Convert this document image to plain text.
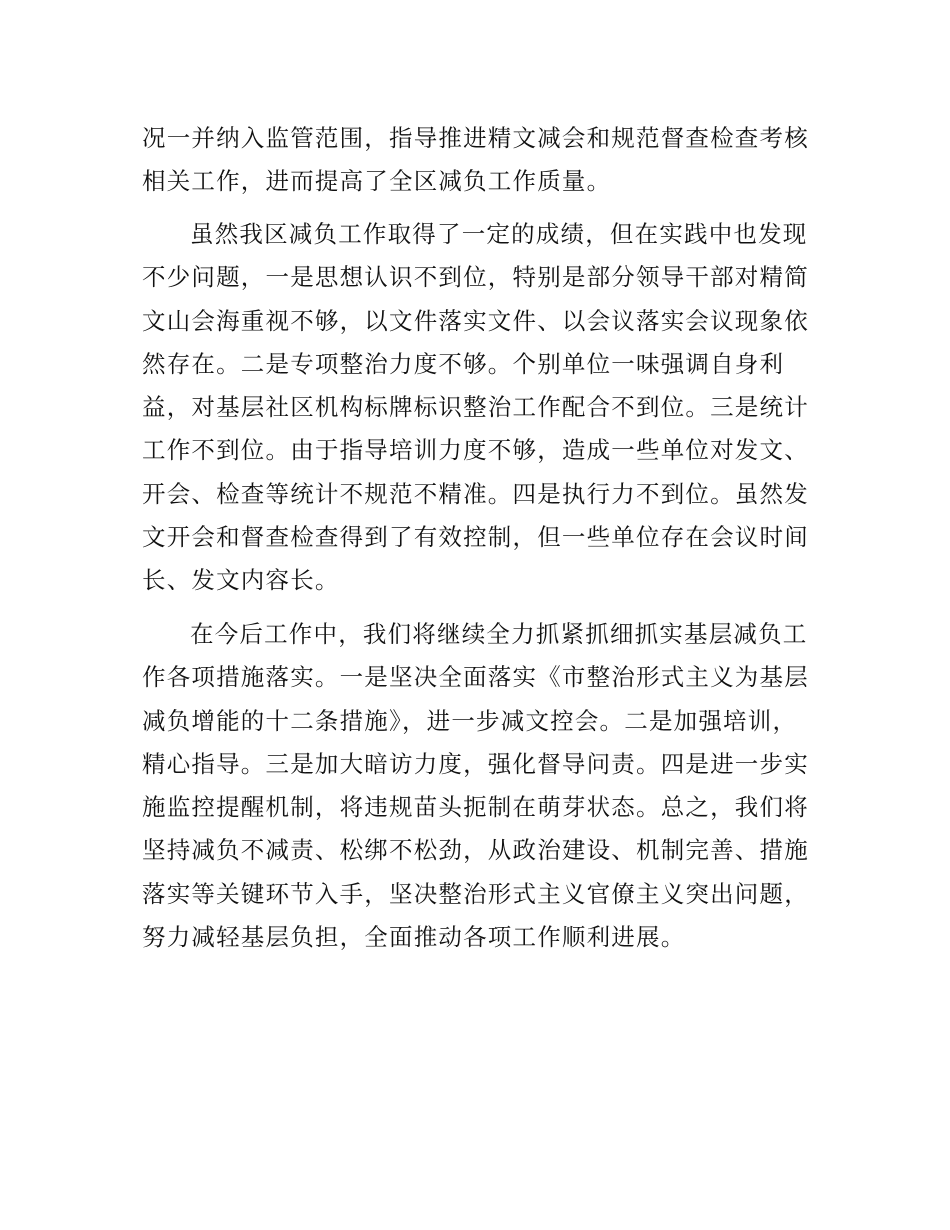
况一并纳入监管范围，指导推进精文减会和规范督查检查考核
相关工作，进而提高了全区减负工作质量。
虽然我区减负工作取得了一定的成绩，但在实践中也发现
不少问题，一是思想认识不到位，特别是部分领导干部对精简
文山会海重视不够，以文件落实文件、以会议落实会议现象依
然存在。二是专项整治力度不够。个别单位一味强调自身利
益，对基层社区机构标牌标识整治工作配合不到位。三是统计
工作不到位。由于指导培训力度不够，造成一些单位对发文、
开会、检查等统计不规范不精准。四是执行力不到位。虽然发
文开会和督查检查得到了有效控制，但一些单位存在会议时间
长、发文内容长。
在今后工作中，我们将继续全力抓紧抓细抓实基层减负工
作各项措施落实。一是坚决全面落实《市整治形式主义为基层
减负增能的十二条措施》，进一步减文控会。二是加强培训，
精心指导。三是加大暗访力度，强化督导问责。四是进一步实
施监控提醒机制，将违规苗头扼制在萌芽状态。总之，我们将
坚持减负不减责、松绑不松劲，从政治建设、机制完善、措施
落实等关键环节入手，坚决整治形式主义官僚主义突出问题，
努力减轻基层负担，全面推动各项工作顺利进展。
